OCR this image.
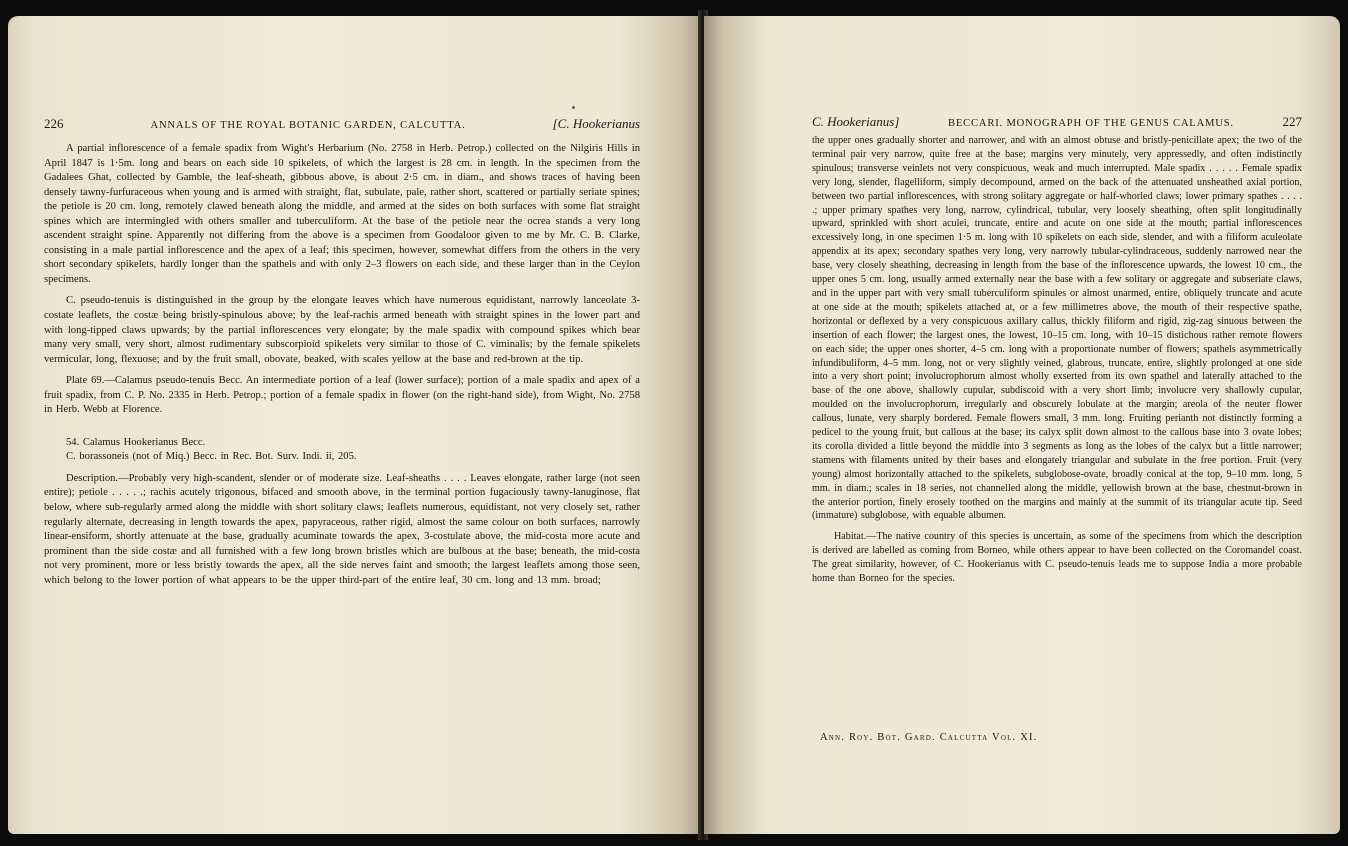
226	ANNALS OF THE ROYAL BOTANIC GARDEN, CALCUTTA.	[C. Hookerianus

A partial inflorescence of a female spadix from Wight's Herbarium (No. 2758 in Herb. Petrop.) collected on the Nilgiris Hills in April 1847 is 1·5m. long and bears on each side 10 spikelets, of which the largest is 28 cm. in length. In the specimen from the Gadalees Ghat, collected by Gamble, the leaf-sheath, gibbous above, is about 2·5 cm. in diam., and shows traces of having been densely tawny-furfuraceous when young and is armed with straight, flat, subulate, pale, rather short, scattered or partially seriate spines; the petiole is 20 cm. long, remotely clawed beneath along the middle, and armed at the sides on both surfaces with some flat straight spines which are intermingled with others smaller and tuberculiform. At the base of the petiole near the ocrea stands a very long ascendent straight spine. Apparently not differing from the above is a specimen from Goodaloor given to me by Mr. C. B. Clarke, consisting in a male partial inflorescence and the apex of a leaf; this specimen, however, somewhat differs from the others in the very short secondary spikelets, hardly longer than the spathels and with only 2–3 flowers on each side, and these larger than in the Ceylon specimens.

C. pseudo-tenuis is distinguished in the group by the elongate leaves which have numerous equidistant, narrowly lanceolate 3-costate leaflets, the costæ being bristly-spinulous above; by the leaf-rachis armed beneath with straight spines in the lower part and with long-tipped claws upwards; by the partial inflorescences very elongate; by the male spadix with compound spikes which bear many very small, very short, almost rudimentary subscorpioid spikelets very similar to those of C. viminalis; by the female spikelets vermicular, long, flexuose; and by the fruit small, obovate, beaked, with scales yellow at the base and red-brown at the tip.

Plate 69.—Calamus pseudo-tenuis Becc. An intermediate portion of a leaf (lower surface); portion of a male spadix and apex of a fruit spadix, from C. P. No. 2335 in Herb. Petrop.; portion of a female spadix in flower (on the right-hand side), from Wight, No. 2758 in Herb. Webb at Florence.

54. Calamus Hookerianus Becc.

C. borassoneis (not of Miq.) Becc. in Rec. Bot. Surv. Indi. ii, 205.

Description.—Probably very high-scandent, slender or of moderate size. Leaf-sheaths . . . . Leaves elongate, rather large (not seen entire); petiole . . . . .; rachis acutely trigonous, bifaced and smooth above, in the terminal portion fugaciously tawny-lanuginose, flat below, where sub-regularly armed along the middle with short solitary claws; leaflets numerous, equidistant, not very closely set, rather regularly alternate, decreasing in length towards the apex, papyraceous, rather rigid, almost the same colour on both surfaces, narrowly linear-ensiform, shortly attenuate at the base, gradually acuminate towards the apex, 3-costulate above, the mid-costa more acute and prominent than the side costæ and all furnished with a few long brown bristles which are bulbous at the base; beneath, the mid-costa not very prominent, more or less bristly towards the apex, all the side nerves faint and smooth; the largest leaflets among those seen, which belong to the lower portion of what appears to be the upper third-part of the entire leaf, 30 cm. long and 13 mm. broad;

C. Hookerianus]	BECCARI. MONOGRAPH OF THE GENUS CALAMUS.	227

the upper ones gradually shorter and narrower, and with an almost obtuse and bristly-penicillate apex; the two of the terminal pair very narrow, quite free at the base; margins very minutely, very appressedly, and often indistinctly spinulous; transverse veinlets not very conspicuous, weak and much interrupted. Male spadix . . . . . Female spadix very long, slender, flagelliform, simply decompound, armed on the back of the attenuated unsheathed axial portion, between two partial inflorescences, with strong solitary aggregate or half-whorled claws; lower primary spathes . . . . .; upper primary spathes very long, narrow, cylindrical, tubular, very loosely sheathing, often split longitudinally upward, sprinkled with short aculei, truncate, entire and acute on one side at the mouth; partial inflorescences excessively long, in one specimen 1·5 m. long with 10 spikelets on each side, slender, and with a filiform aculeolate appendix at its apex; secondary spathes very long, very narrowly tubular-cylindraceous, suddenly narrowed near the base, very closely sheathing, decreasing in length from the base of the inflorescence upwards, the lowest 10 cm., the upper ones 5 cm. long, usually armed externally near the base with a few solitary or aggregate and subseriate claws, and in the upper part with very small tuberculiform spinules or almost unarmed, entire, obliquely truncate and acute at one side at the mouth; spikelets attached at, or a few millimetres above, the mouth of their respective spathe, horizontal or deflexed by a very conspicuous axillary callus, thickly filiform and rigid, zig-zag sinuous between the insertion of each flower; the largest ones, the lowest, 10–15 cm. long, with 10–15 distichous rather remote flowers on each side; the upper ones shorter, 4–5 cm. long with a proportionate number of flowers; spathels asymmetrically infundibuliform, 4–5 mm. long, not or very slightly veined, glabrous, truncate, entire, slightly prolonged at one side into a very short point; involucrophorum almost wholly exserted from its own spathel and laterally attached to the base of the one above, shallowly cupular, subdiscoid with a very short limb; involucre very shallowly cupular, moulded on the involucrophorum, irregularly and obscurely lobulate at the margin; areola of the neuter flower callous, lunate, very sharply bordered. Female flowers small, 3 mm. long. Fruiting perianth not distinctly forming a pedicel to the young fruit, but callous at the base; its calyx split down almost to the callous base into 3 ovate lobes; its corolla divided a little beyond the middle into 3 segments as long as the lobes of the calyx but a little narrower; stamens with filaments united by their bases and elongately triangular and subulate in the free portion. Fruit (very young) almost horizontally attached to the spikelets, subglobose-ovate, broadly conical at the top, 9–10 mm. long, 5 mm. in diam.; scales in 18 series, not channelled along the middle, yellowish brown at the base, chestnut-brown in the anterior portion, finely erosely toothed on the margins and mainly at the summit of its triangular acute tip. Seed (immature) subglobose, with equable albumen.

Habitat.—The native country of this species is uncertain, as some of the specimens from which the description is derived are labelled as coming from Borneo, while others appear to have been collected on the Coromandel coast. The great similarity, however, of C. Hookerianus with C. pseudo-tenuis leads me to suppose India a more probable home than Borneo for the species.

Ann. Roy. Bot. Gard. Calcutta Vol. XI.
